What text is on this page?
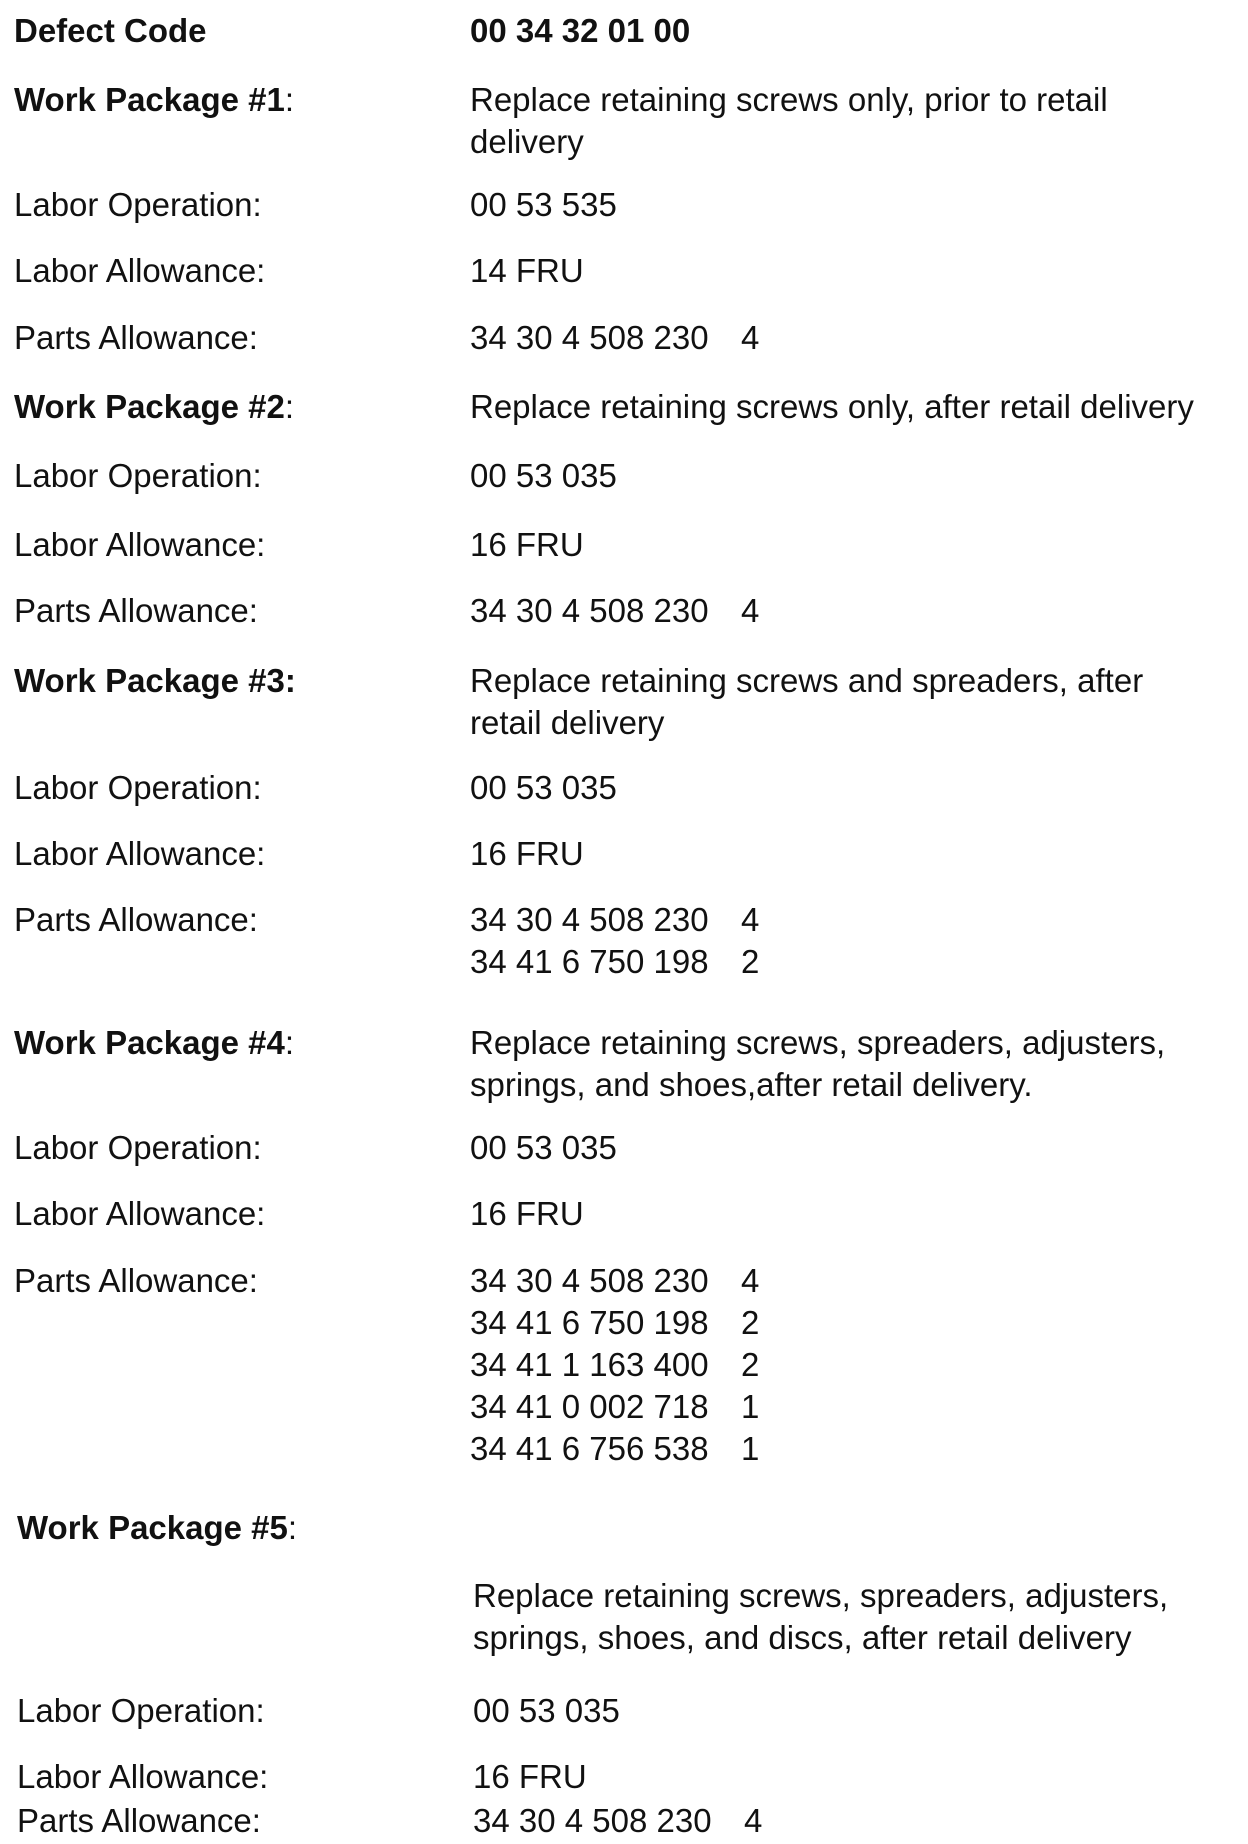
Defect Code	00 34 32 01 00
Work Package #1:	Replace retaining screws only, prior to retail delivery
Labor Operation:	00 53 535
Labor Allowance:	14 FRU
Parts Allowance:	34 30 4 508 230 4
Work Package #2:	Replace retaining screws only, after retail delivery
Labor Operation:	00 53 035
Labor Allowance:	16 FRU
Parts Allowance:	34 30 4 508 230 4
Work Package #3:	Replace retaining screws and spreaders, after retail delivery
Labor Operation:	00 53 035
Labor Allowance:	16 FRU
Parts Allowance:	34 30 4 508 230 4
34 41 6 750 198 2
Work Package #4:	Replace retaining screws, spreaders, adjusters, springs, and shoes,after retail delivery.
Labor Operation:	00 53 035
Labor Allowance:	16 FRU
Parts Allowance:	34 30 4 508 230 4
34 41 6 750 198 2
34 41 1 163 400 2
34 41 0 002 718 1
34 41 6 756 538 1
Work Package #5:
Replace retaining screws, spreaders, adjusters, springs, shoes, and discs, after retail delivery
Labor Operation:	00 53 035
Labor Allowance:	16 FRU
Parts Allowance:	34 30 4 508 230 4
